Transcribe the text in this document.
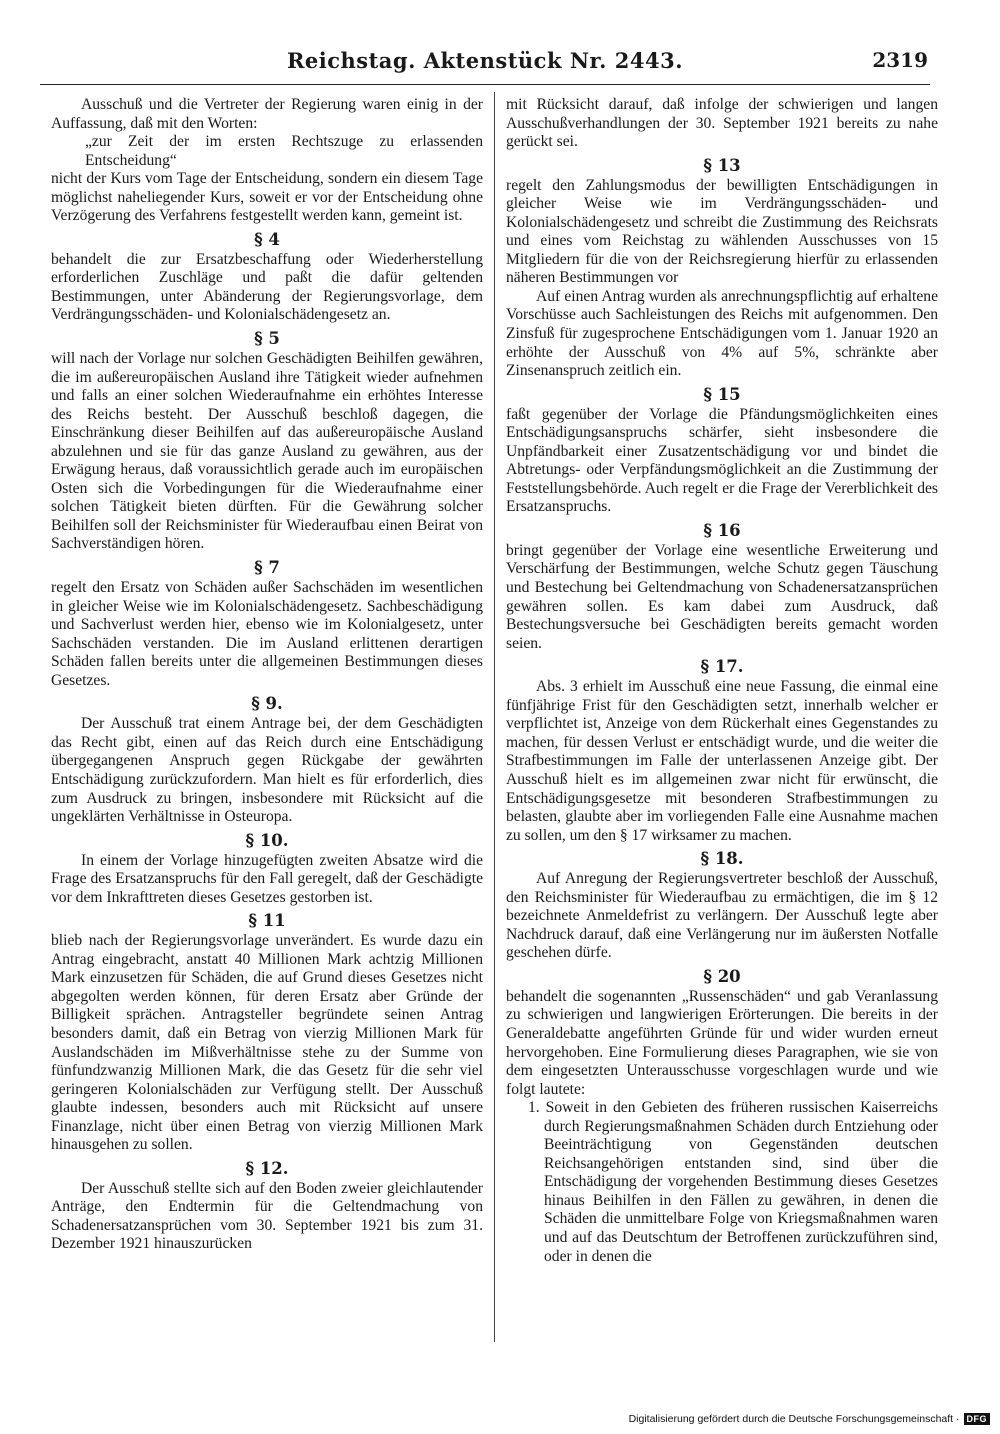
Reichstag. Aktenstück Nr. 2443.	2319

Ausschuß und die Vertreter der Regierung waren einig in der Auffassung, daß mit den Worten:

„zur Zeit der im ersten Rechtszuge zu erlassenden Entscheidung“

nicht der Kurs vom Tage der Entscheidung, sondern ein diesem Tage möglichst naheliegender Kurs, soweit er vor der Entscheidung ohne Verzögerung des Verfahrens festgestellt werden kann, gemeint ist.

§ 4

behandelt die zur Ersatzbeschaffung oder Wiederherstellung erforderlichen Zuschläge und paßt die dafür geltenden Bestimmungen, unter Abänderung der Regierungsvorlage, dem Verdrängungsschäden- und Kolonialschädengesetz an.

§ 5

will nach der Vorlage nur solchen Geschädigten Beihilfen gewähren, die im außereuropäischen Ausland ihre Tätigkeit wieder aufnehmen und falls an einer solchen Wiederaufnahme ein erhöhtes Interesse des Reichs besteht. Der Ausschuß beschloß dagegen, die Einschränkung dieser Beihilfen auf das außereuropäische Ausland abzulehnen und sie für das ganze Ausland zu gewähren, aus der Erwägung heraus, daß voraussichtlich gerade auch im europäischen Osten sich die Vorbedingungen für die Wiederaufnahme einer solchen Tätigkeit bieten dürften. Für die Gewährung solcher Beihilfen soll der Reichsminister für Wiederaufbau einen Beirat von Sachverständigen hören.

§ 7

regelt den Ersatz von Schäden außer Sachschäden im wesentlichen in gleicher Weise wie im Kolonialschädengesetz. Sachbeschädigung und Sachverlust werden hier, ebenso wie im Kolonialgesetz, unter Sachschäden verstanden. Die im Ausland erlittenen derartigen Schäden fallen bereits unter die allgemeinen Bestimmungen dieses Gesetzes.

§ 9.

Der Ausschuß trat einem Antrage bei, der dem Geschädigten das Recht gibt, einen auf das Reich durch eine Entschädigung übergegangenen Anspruch gegen Rückgabe der gewährten Entschädigung zurückzufordern. Man hielt es für erforderlich, dies zum Ausdruck zu bringen, insbesondere mit Rücksicht auf die ungeklärten Verhältnisse in Osteuropa.

§ 10.

In einem der Vorlage hinzugefügten zweiten Absatze wird die Frage des Ersatzanspruchs für den Fall geregelt, daß der Geschädigte vor dem Inkrafttreten dieses Gesetzes gestorben ist.

§ 11

blieb nach der Regierungsvorlage unverändert. Es wurde dazu ein Antrag eingebracht, anstatt 40 Millionen Mark achtzig Millionen Mark einzusetzen für Schäden, die auf Grund dieses Gesetzes nicht abgegolten werden können, für deren Ersatz aber Gründe der Billigkeit sprächen. Antragsteller begründete seinen Antrag besonders damit, daß ein Betrag von vierzig Millionen Mark für Auslandschäden im Mißverhältnisse stehe zu der Summe von fünfundzwanzig Millionen Mark, die das Gesetz für die sehr viel geringeren Kolonialschäden zur Verfügung stellt. Der Ausschuß glaubte indessen, besonders auch mit Rücksicht auf unsere Finanzlage, nicht über einen Betrag von vierzig Millionen Mark hinausgehen zu sollen.

§ 12.

Der Ausschuß stellte sich auf den Boden zweier gleichlautender Anträge, den Endtermin für die Geltendmachung von Schadenersatzansprüchen vom 30. September 1921 bis zum 31. Dezember 1921 hinauszurücken

mit Rücksicht darauf, daß infolge der schwierigen und langen Ausschußverhandlungen der 30. September 1921 bereits zu nahe gerückt sei.

§ 13

regelt den Zahlungsmodus der bewilligten Entschädigungen in gleicher Weise wie im Verdrängungsschäden- und Kolonialschädengesetz und schreibt die Zustimmung des Reichsrats und eines vom Reichstag zu wählenden Ausschusses von 15 Mitgliedern für die von der Reichsregierung hierfür zu erlassenden näheren Bestimmungen vor

Auf einen Antrag wurden als anrechnungspflichtig auf erhaltene Vorschüsse auch Sachleistungen des Reichs mit aufgenommen. Den Zinsfuß für zugesprochene Entschädigungen vom 1. Januar 1920 an erhöhte der Ausschuß von 4% auf 5%, schränkte aber Zinsenanspruch zeitlich ein.

§ 15

faßt gegenüber der Vorlage die Pfändungsmöglichkeiten eines Entschädigungsanspruchs schärfer, sieht insbesondere die Unpfändbarkeit einer Zusatzentschädigung vor und bindet die Abtretungs- oder Verpfändungsmöglichkeit an die Zustimmung der Feststellungsbehörde. Auch regelt er die Frage der Vererblichkeit des Ersatzanspruchs.

§ 16

bringt gegenüber der Vorlage eine wesentliche Erweiterung und Verschärfung der Bestimmungen, welche Schutz gegen Täuschung und Bestechung bei Geltendmachung von Schadenersatzansprüchen gewähren sollen. Es kam dabei zum Ausdruck, daß Bestechungsversuche bei Geschädigten bereits gemacht worden seien.

§ 17.

Abs. 3 erhielt im Ausschuß eine neue Fassung, die einmal eine fünfjährige Frist für den Geschädigten setzt, innerhalb welcher er verpflichtet ist, Anzeige von dem Rückerhalt eines Gegenstandes zu machen, für dessen Verlust er entschädigt wurde, und die weiter die Strafbestimmungen im Falle der unterlassenen Anzeige gibt. Der Ausschuß hielt es im allgemeinen zwar nicht für erwünscht, die Entschädigungsgesetze mit besonderen Strafbestimmungen zu belasten, glaubte aber im vorliegenden Falle eine Ausnahme machen zu sollen, um den § 17 wirksamer zu machen.

§ 18.

Auf Anregung der Regierungsvertreter beschloß der Ausschuß, den Reichsminister für Wiederaufbau zu ermächtigen, die im § 12 bezeichnete Anmeldefrist zu verlängern. Der Ausschuß legte aber Nachdruck darauf, daß eine Verlängerung nur im äußersten Notfalle geschehen dürfe.

§ 20

behandelt die sogenannten „Russenschäden“ und gab Veranlassung zu schwierigen und langwierigen Erörterungen. Die bereits in der Generaldebatte angeführten Gründe für und wider wurden erneut hervorgehoben. Eine Formulierung dieses Paragraphen, wie sie von dem eingesetzten Unterausschusse vorgeschlagen wurde und wie folgt lautete:

1. Soweit in den Gebieten des früheren russischen Kaiserreichs durch Regierungsmaßnahmen Schäden durch Entziehung oder Beeinträchtigung von Gegenständen deutschen Reichsangehörigen entstanden sind, sind über die Entschädigung der vorgehenden Bestimmung dieses Gesetzes hinaus Beihilfen in den Fällen zu gewähren, in denen die Schäden die unmittelbare Folge von Kriegsmaßnahmen waren und auf das Deutschtum der Betroffenen zurückzuführen sind, oder in denen die
Digitalisierung gefördert durch die Deutsche Forschungsgemeinschaft · DFG
